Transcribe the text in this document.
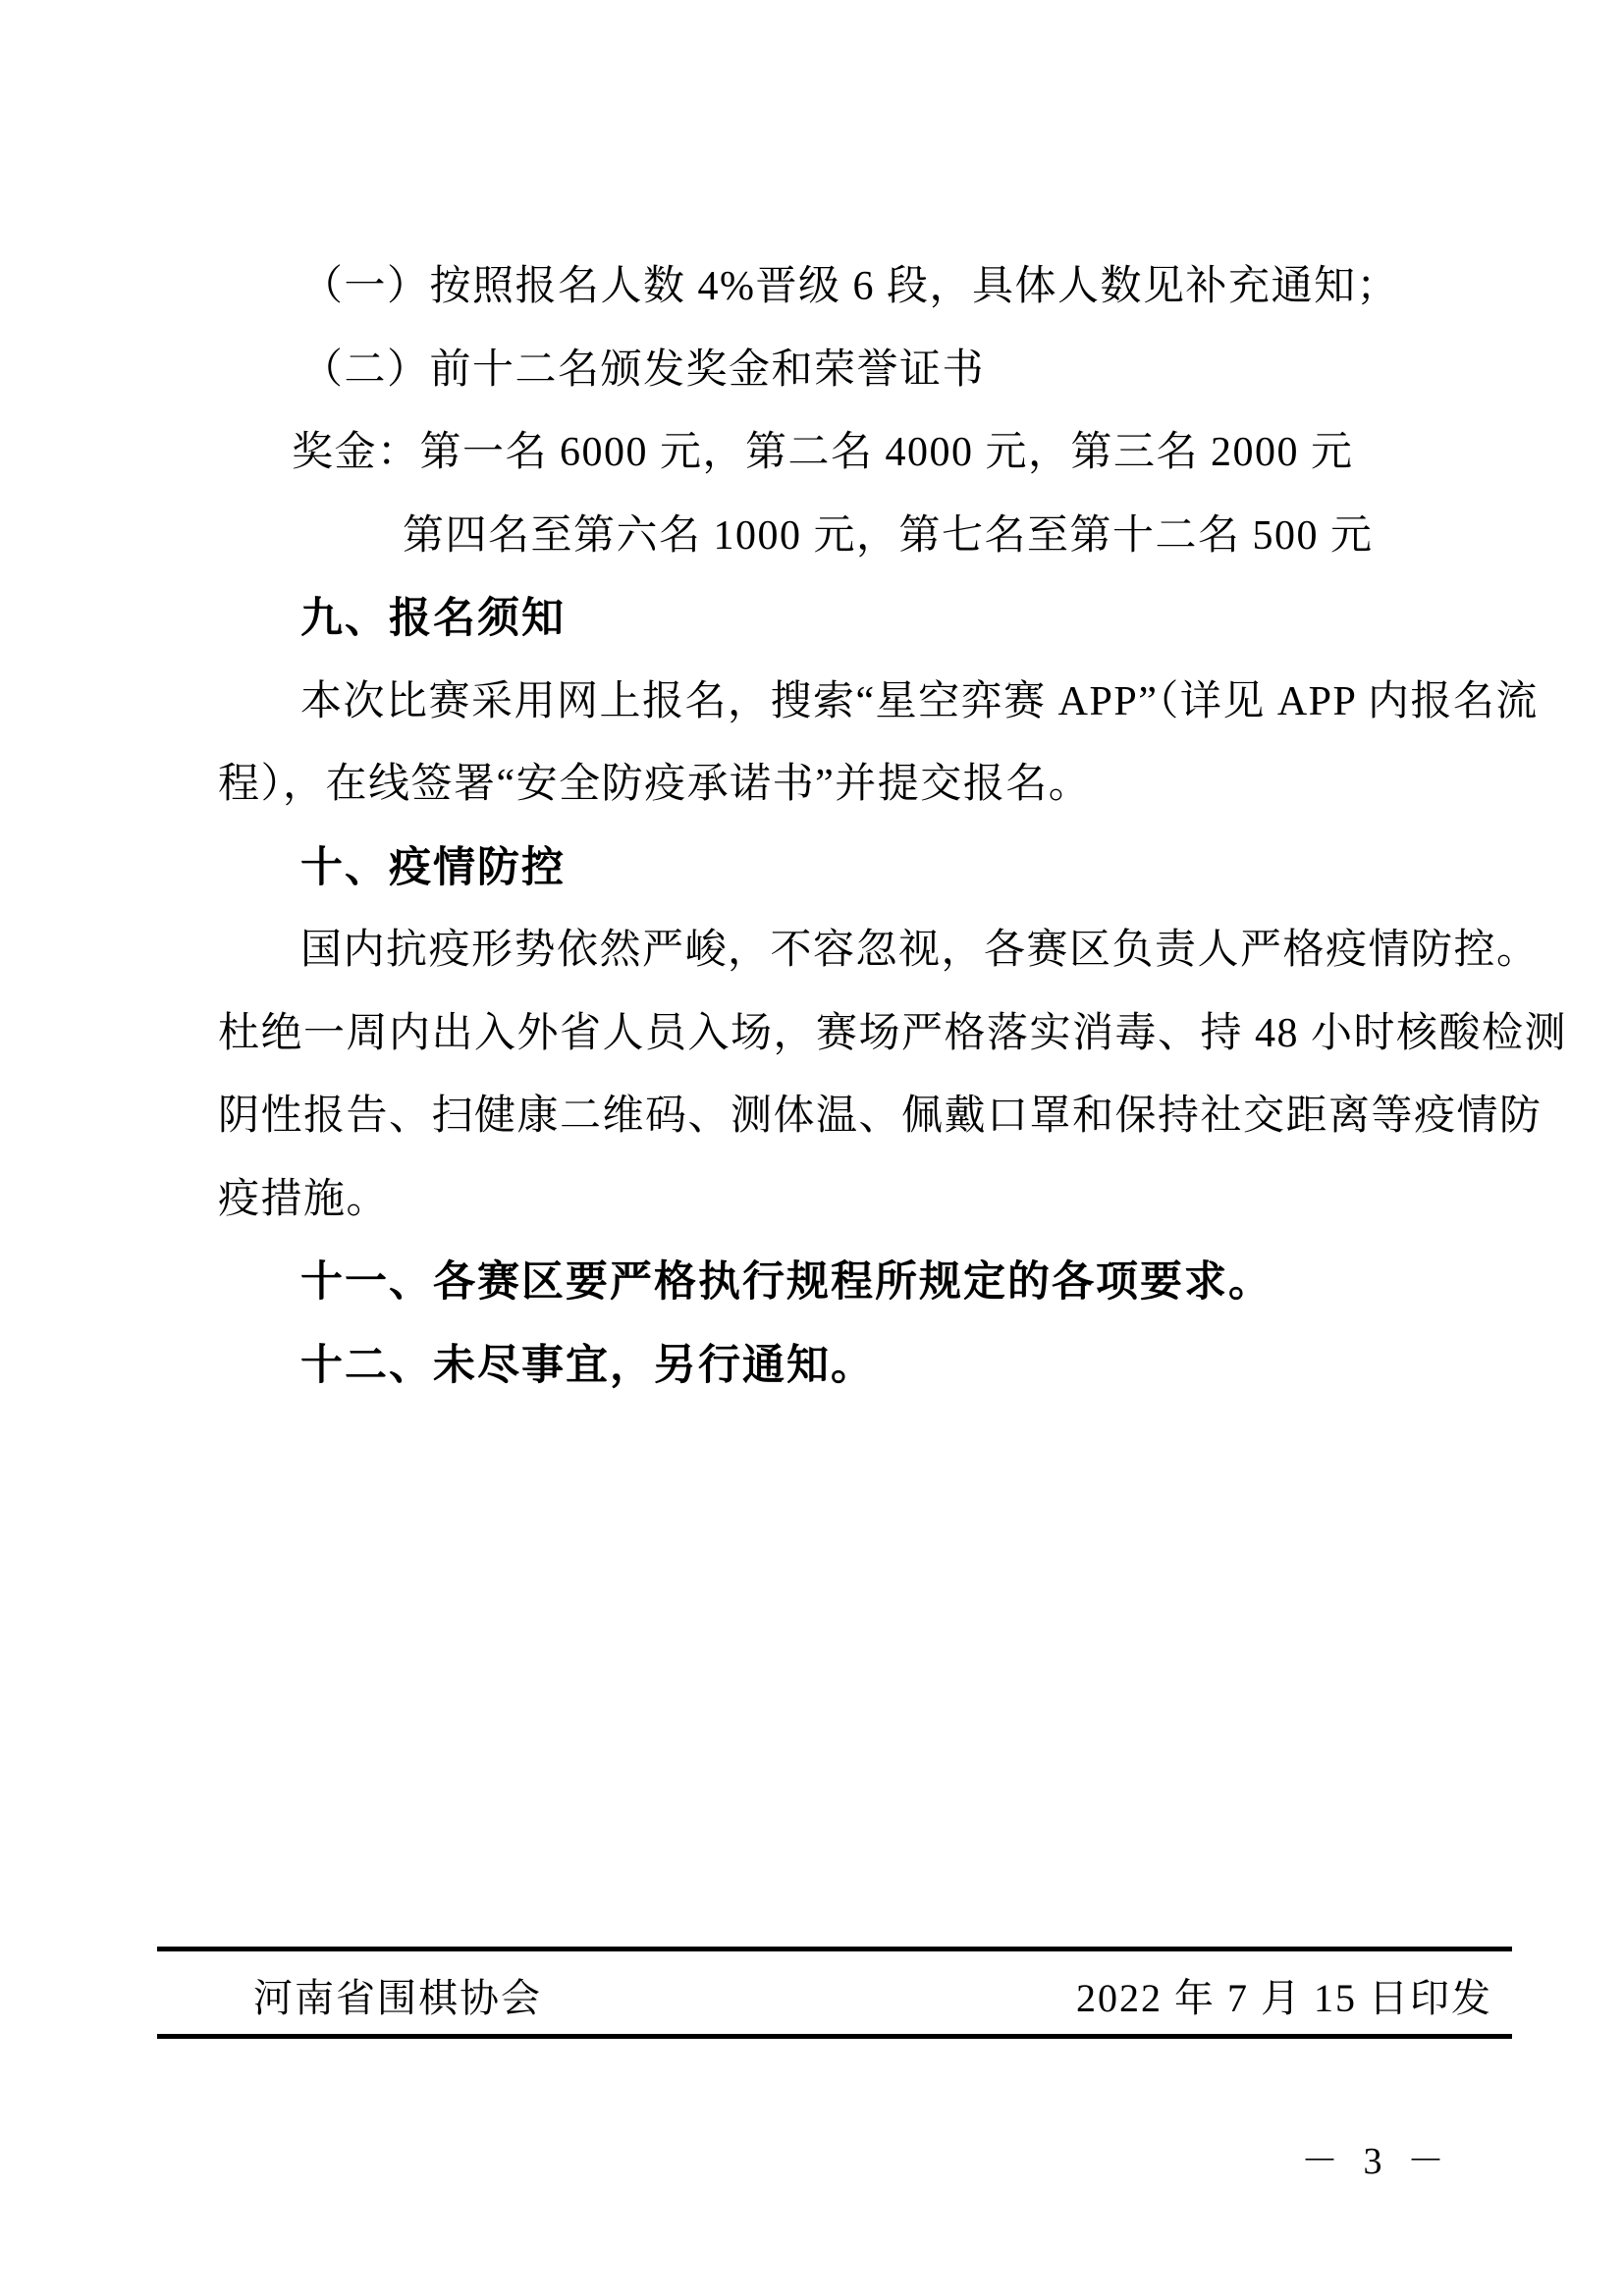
（一）按照报名人数 4%晋级 6 段，具体人数见补充通知；
（二）前十二名颁发奖金和荣誉证书
奖金：第一名 6000 元，第二名 4000 元，第三名 2000 元
第四名至第六名 1000 元，第七名至第十二名 500 元
九、报名须知
本次比赛采用网上报名，搜索“星空弈赛 APP”（详见 APP 内报名流
程），在线签署“安全防疫承诺书”并提交报名。
十、疫情防控
国内抗疫形势依然严峻，不容忽视，各赛区负责人严格疫情防控。
杜绝一周内出入外省人员入场，赛场严格落实消毒、持 48 小时核酸检测
阴性报告、扫健康二维码、测体温、佩戴口罩和保持社交距离等疫情防
疫措施。
十一、各赛区要严格执行规程所规定的各项要求。
十二、未尽事宜，另行通知。
河南省围棋协会	2022 年 7 月 15 日印发
－ 3 －
